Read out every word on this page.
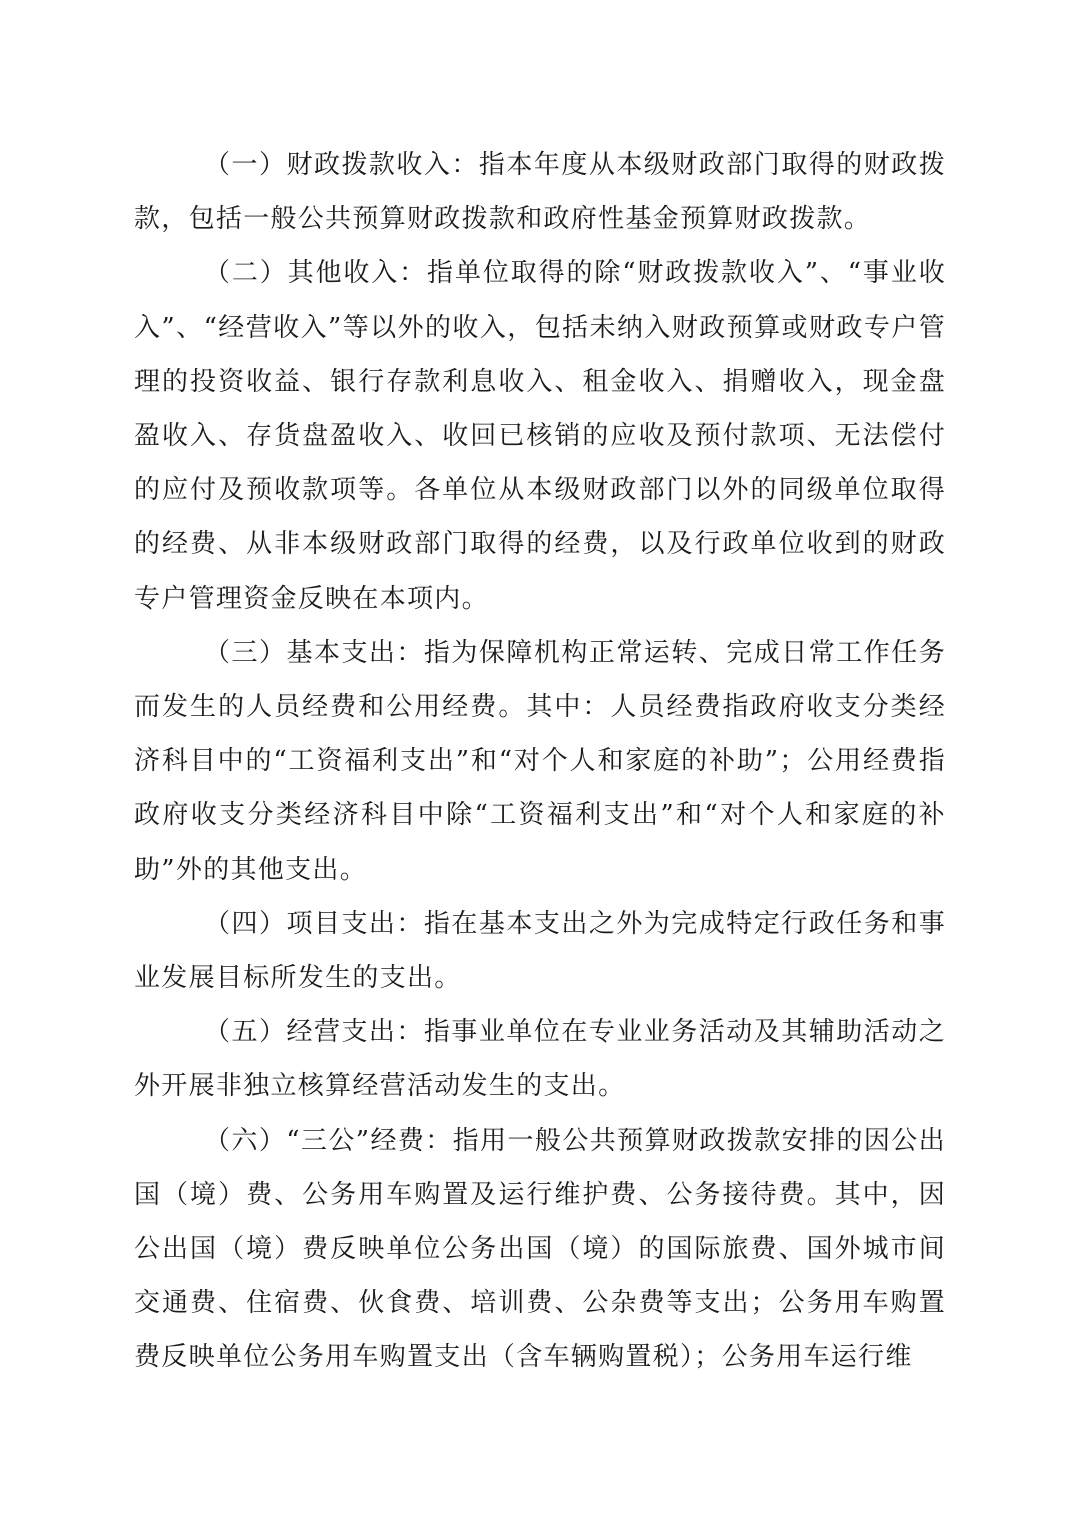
（一）财政拨款收入：指本年度从本级财政部门取得的财政拨款，包括一般公共预算财政拨款和政府性基金预算财政拨款。

（二）其他收入：指单位取得的除“财政拨款收入”、“事业收入”、“经营收入”等以外的收入，包括未纳入财政预算或财政专户管理的投资收益、银行存款利息收入、租金收入、捐赠收入，现金盘盈收入、存货盘盈收入、收回已核销的应收及预付款项、无法偿付的应付及预收款项等。各单位从本级财政部门以外的同级单位取得的经费、从非本级财政部门取得的经费，以及行政单位收到的财政专户管理资金反映在本项内。

（三）基本支出：指为保障机构正常运转、完成日常工作任务而发生的人员经费和公用经费。其中：人员经费指政府收支分类经济科目中的“工资福利支出”和“对个人和家庭的补助”；公用经费指政府收支分类经济科目中除“工资福利支出”和“对个人和家庭的补助”外的其他支出。

（四）项目支出：指在基本支出之外为完成特定行政任务和事业发展目标所发生的支出。

（五）经营支出：指事业单位在专业业务活动及其辅助活动之外开展非独立核算经营活动发生的支出。

（六）“三公”经费：指用一般公共预算财政拨款安排的因公出国（境）费、公务用车购置及运行维护费、公务接待费。其中，因公出国（境）费反映单位公务出国（境）的国际旅费、国外城市间交通费、住宿费、伙食费、培训费、公杂费等支出；公务用车购置费反映单位公务用车购置支出（含车辆购置税）；公务用车运行维
